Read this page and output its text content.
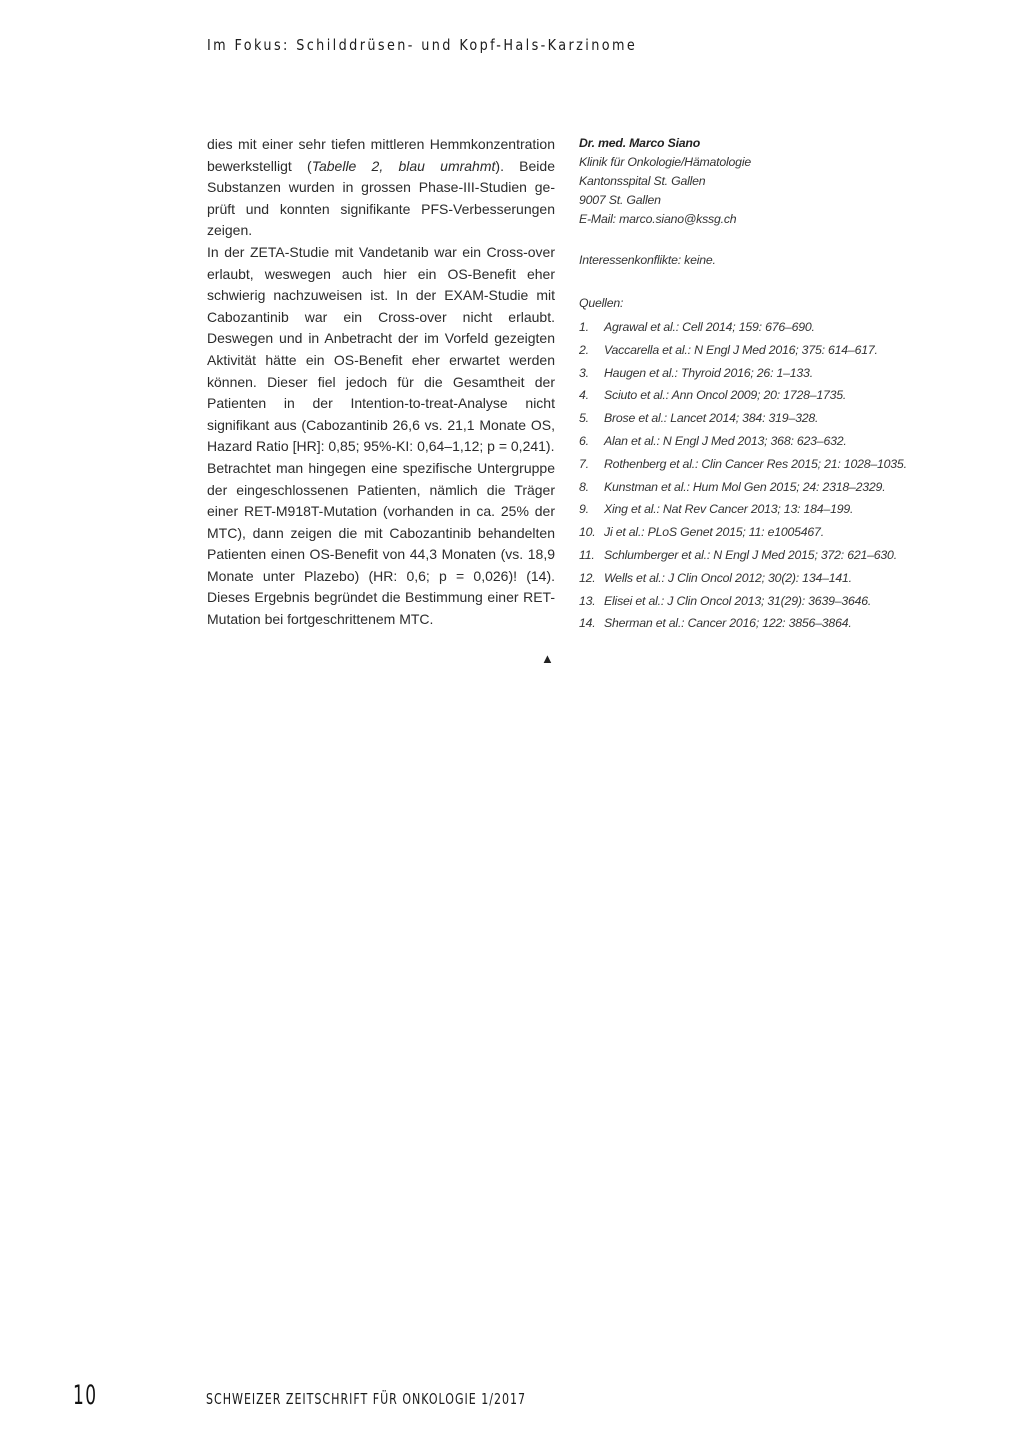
Im Fokus: Schilddrüsen- und Kopf-Hals-Karzinome

dies mit einer sehr tiefen mittleren Hemmkonzentration bewerkstelligt (Tabelle 2, blau umrahmt). Beide Substanzen wurden in grossen Phase-III-Studien geprüft und konnten signifikante PFS-Verbesserungen zeigen.

In der ZETA-Studie mit Vandetanib war ein Cross-over erlaubt, weswegen auch hier ein OS-Benefit eher schwierig nachzuweisen ist. In der EXAM-Studie mit Cabozantinib war ein Cross-over nicht erlaubt. Deswegen und in Anbetracht der im Vorfeld gezeigten Aktivität hätte ein OS-Benefit eher erwartet werden können. Dieser fiel jedoch für die Gesamtheit der Patienten in der Intention-to-treat-Analyse nicht signifikant aus (Cabozantinib 26,6 vs. 21,1 Monate OS, Hazard Ratio [HR]: 0,85; 95%-KI: 0,64–1,12; p = 0,241).

Betrachtet man hingegen eine spezifische Untergruppe der eingeschlossenen Patienten, nämlich die Träger einer RET-M918T-Mutation (vorhanden in ca. 25% der MTC), dann zeigen die mit Cabozantinib behandelten Patienten einen OS-Benefit von 44,3 Monaten (vs. 18,9 Monate unter Plazebo) (HR: 0,6; p = 0,026)! (14). Dieses Ergebnis begründet die Bestimmung einer RET-Mutation bei fortgeschrittenem MTC.

▲
Dr. med. Marco Siano
Klinik für Onkologie/Hämatologie
Kantonsspital St. Gallen
9007 St. Gallen
E-Mail: marco.siano@kssg.ch
Interessenkonflikte: keine.
Quellen:
1. Agrawal et al.: Cell 2014; 159: 676–690.
2. Vaccarella et al.: N Engl J Med 2016; 375: 614–617.
3. Haugen et al.: Thyroid 2016; 26: 1–133.
4. Sciuto et al.: Ann Oncol 2009; 20: 1728–1735.
5. Brose et al.: Lancet 2014; 384: 319–328.
6. Alan et al.: N Engl J Med 2013; 368: 623–632.
7. Rothenberg et al.: Clin Cancer Res 2015; 21: 1028–1035.
8. Kunstman et al.: Hum Mol Gen 2015; 24: 2318–2329.
9. Xing et al.: Nat Rev Cancer 2013; 13: 184–199.
10. Ji et al.: PLoS Genet 2015; 11: e1005467.
11. Schlumberger et al.: N Engl J Med 2015; 372: 621–630.
12. Wells et al.: J Clin Oncol 2012; 30(2): 134–141.
13. Elisei et al.: J Clin Oncol 2013; 31(29): 3639–3646.
14. Sherman et al.: Cancer 2016; 122: 3856–3864.
10	SCHWEIZER ZEITSCHRIFT FÜR ONKOLOGIE 1/2017
